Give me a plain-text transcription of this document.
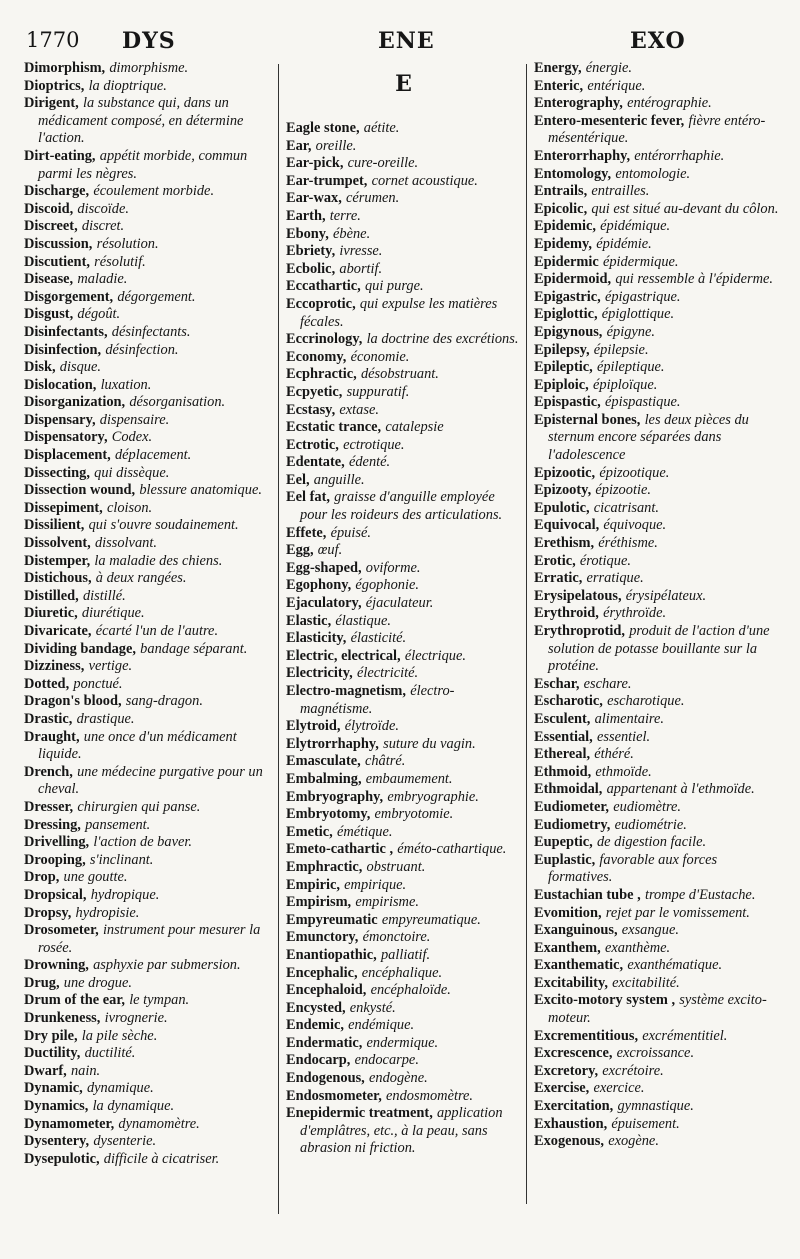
1770 DYS	ENE	EXO
Dimorphism, dimorphisme.
Dioptrics, la dioptrique.
Dirigent, la substance qui, dans un médicament composé, en détermine l'action.
Dirt-eating, appétit morbide, commun parmi les nègres.
Discharge, écoulement morbide.
Discoid, discoïde.
Discreet, discret.
Discussion, résolution.
Discutient, résolutif.
Disease, maladie.
Disgorgement, dégorgement.
Disgust, dégoût.
Disinfectants, désinfectants.
Disinfection, désinfection.
Disk, disque.
Dislocation, luxation.
Disorganization, désorganisation.
Dispensary, dispensaire.
Dispensatory, Codex.
Displacement, déplacement.
Dissecting, qui dissèque.
Dissection wound, blessure anatomique.
Dissepiment, cloison.
Dissilient, qui s'ouvre soudainement.
Dissolvent, dissolvant.
Distemper, la maladie des chiens.
Distichous, à deux rangées.
Distilled, distillé.
Diuretic, diurétique.
Divaricate, écarté l'un de l'autre.
Dividing bandage, bandage séparant.
Dizziness, vertige.
Dotted, ponctué.
Dragon's blood, sang-dragon.
Drastic, drastique.
Draught, une once d'un médicament liquide.
Drench, une médecine purgative pour un cheval.
Dresser, chirurgien qui panse.
Dressing, pansement.
Drivelling, l'action de baver.
Drooping, s'inclinant.
Drop, une goutte.
Dropsical, hydropique.
Dropsy, hydropisie.
Drosometer, instrument pour mesurer la rosée.
Drowning, asphyxie par submersion.
Drug, une drogue.
Drum of the ear, le tympan.
Drunkeness, ivrognerie.
Dry pile, la pile sèche.
Ductility, ductilité.
Dwarf, nain.
Dynamic, dynamique.
Dynamics, la dynamique.
Dynamometer, dynamomètre.
Dysentery, dysenterie.
Dysepulotic, difficile à cicatriser.
E
Eagle stone, aétite.
Ear, oreille.
Ear-pick, cure-oreille.
Ear-trumpet, cornet acoustique.
Ear-wax, cérumen.
Earth, terre.
Ebony, ébène.
Ebriety, ivresse.
Ecbolic, abortif.
Eccathartic, qui purge.
Eccoprotic, qui expulse les matières fécales.
Eccrinology, la doctrine des excrétions.
Economy, économie.
Ecphractic, désobstruant.
Ecpyetic, suppuratif.
Ecstasy, extase.
Ecstatic trance, catalepsie
Ectrotic, ectrotique.
Edentate, édenté.
Eel, anguille.
Eel fat, graisse d'anguille employée pour les roideurs des articulations.
Effete, épuisé.
Egg, œuf.
Egg-shaped, oviforme.
Egophony, égophonie.
Ejaculatory, éjaculateur.
Elastic, élastique.
Elasticity, élasticité.
Electric, electrical, électrique.
Electricity, électricité.
Electro-magnetism, électro-magnétisme.
Elytroid, élytroïde.
Elytrorrhaphy, suture du vagin.
Emasculate, châtré.
Embalming, embaumement.
Embryography, embryographie.
Embryotomy, embryotomie.
Emetic, émétique.
Emeto-cathartic , éméto-cathartique.
Emphractic, obstruant.
Empiric, empirique.
Empirism, empirisme.
Empyreumatic empyreumatique.
Emunctory, émonctoire.
Enantiopathic, palliatif.
Encephalic, encéphalique.
Encephaloid, encéphaloïde.
Encysted, enkysté.
Endemic, endémique.
Endermatic, endermique.
Endocarp, endocarpe.
Endogenous, endogène.
Endosmometer, endosmomètre.
Enepidermic treatment, application d'emplâtres, etc., à la peau, sans abrasion ni friction.
Energy, énergie.
Enteric, entérique.
Enterography, entérographie.
Entero-mesenteric fever, fièvre entéro-mésentérique.
Enterorrhaphy, entérorrhaphie.
Entomology, entomologie.
Entrails, entrailles.
Epicolic, qui est situé au-devant du côlon.
Epidemic, épidémique.
Epidemy, épidémie.
Epidermic épidermique.
Epidermoid, qui ressemble à l'épiderme.
Epigastric, épigastrique.
Epiglottic, épiglottique.
Epigynous, épigyne.
Epilepsy, épilepsie.
Epileptic, épileptique.
Epiploic, épiploïque.
Epispastic, épispastique.
Episternal bones, les deux pièces du sternum encore séparées dans l'adolescence
Epizootic, épizootique.
Epizooty, épizootie.
Epulotic, cicatrisant.
Equivocal, équivoque.
Erethism, éréthisme.
Erotic, érotique.
Erratic, erratique.
Erysipelatous, érysipélateux.
Erythroid, érythroïde.
Erythroprotid, produit de l'action d'une solution de potasse bouillante sur la protéine.
Eschar, eschare.
Escharotic, escharotique.
Esculent, alimentaire.
Essential, essentiel.
Ethereal, éthéré.
Ethmoid, ethmoïde.
Ethmoidal, appartenant à l'ethmoïde.
Eudiometer, eudiomètre.
Eudiometry, eudiométrie.
Eupeptic, de digestion facile.
Euplastic, favorable aux forces formatives.
Eustachian tube , trompe d'Eustache.
Evomition, rejet par le vomissement.
Exanguinous, exsangue.
Exanthem, exanthème.
Exanthematic, exanthématique.
Excitability, excitabilité.
Excito-motory system , système excito-moteur.
Excrementitious, excrémentitiel.
Excrescence, excroissance.
Excretory, excrétoire.
Exercise, exercice.
Exercitation, gymnastique.
Exhaustion, épuisement.
Exogenous, exogène.
